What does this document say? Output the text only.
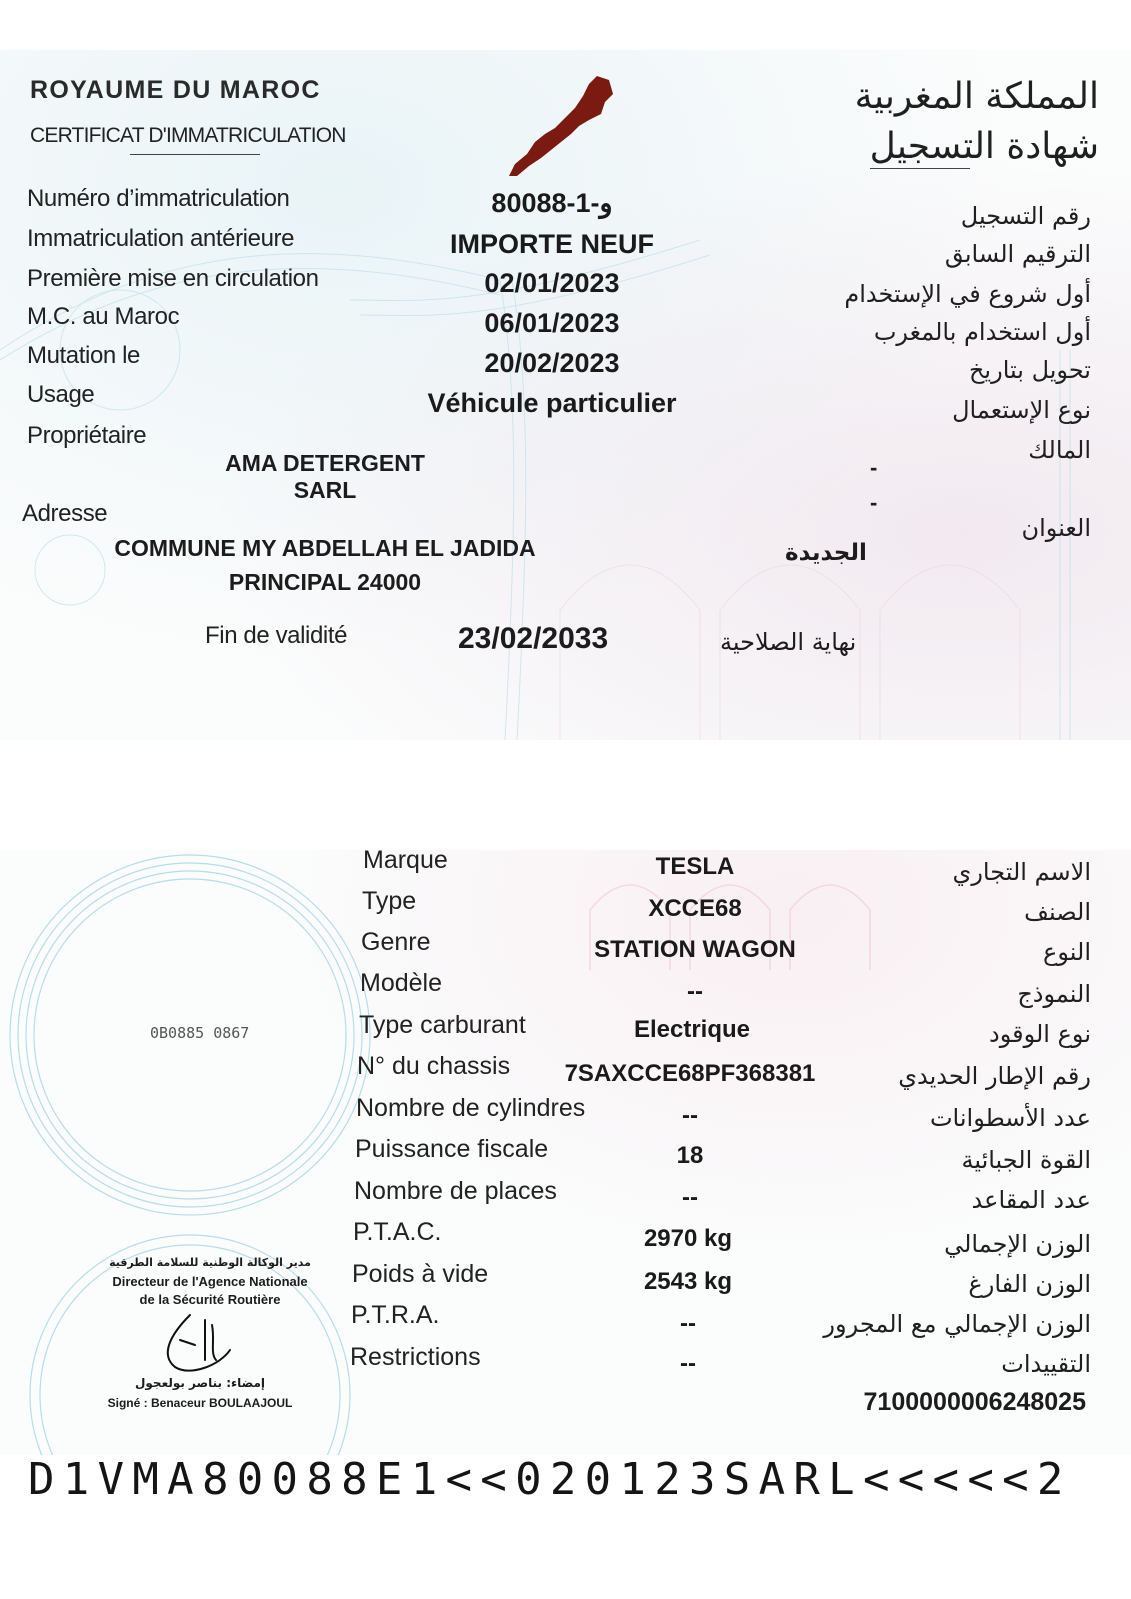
ROYAUME DU MAROC
CERTIFICAT D'IMMATRICULATION
المملكة المغربية
شهادة التسجيل
Numéro d’immatriculation	80088-و-1	رقم التسجيل
Immatriculation antérieure	IMPORTE NEUF	الترقيم السابق
Première mise en circulation	02/01/2023	أول شروع في الإستخدام
M.C. au Maroc	06/01/2023	أول استخدام بالمغرب
Mutation le	20/02/2023	تحويل بتاريخ
Usage	Véhicule particulier	نوع الإستعمال
Propriétaire
المالك
AMA DETERGENT
SARL
-
-
Adresse
العنوان
COMMUNE MY ABDELLAH EL JADIDA
PRINCIPAL 24000
الجديدة
Fin de validité	23/02/2033	نهاية الصلاحية
0B0885 0867
Marque	TESLA	الاسم التجاري
Type	XCCE68	الصنف
Genre	STATION WAGON	النوع
Modèle	--	النموذج
Type carburant	Electrique	نوع الوقود
N° du chassis	7SAXCCE68PF368381	رقم الإطار الحديدي
Nombre de cylindres	--	عدد الأسطوانات
Puissance fiscale	18	القوة الجبائية
Nombre de places	--	عدد المقاعد
P.T.A.C.	2970 kg	الوزن الإجمالي
Poids à vide	2543 kg	الوزن الفارغ
P.T.R.A.	--	الوزن الإجمالي مع المجرور
Restrictions	--	التقييدات
7100000006248025
مدير الوكالة الوطنية للسلامة الطرقية
Directeur de l'Agence Nationale
de la Sécurité Routière
إمضاء: بناصر بولعجول
Signé : Benaceur BOULAAJOUL
D1VMA80088E1<<020123SARL<<<<<2
